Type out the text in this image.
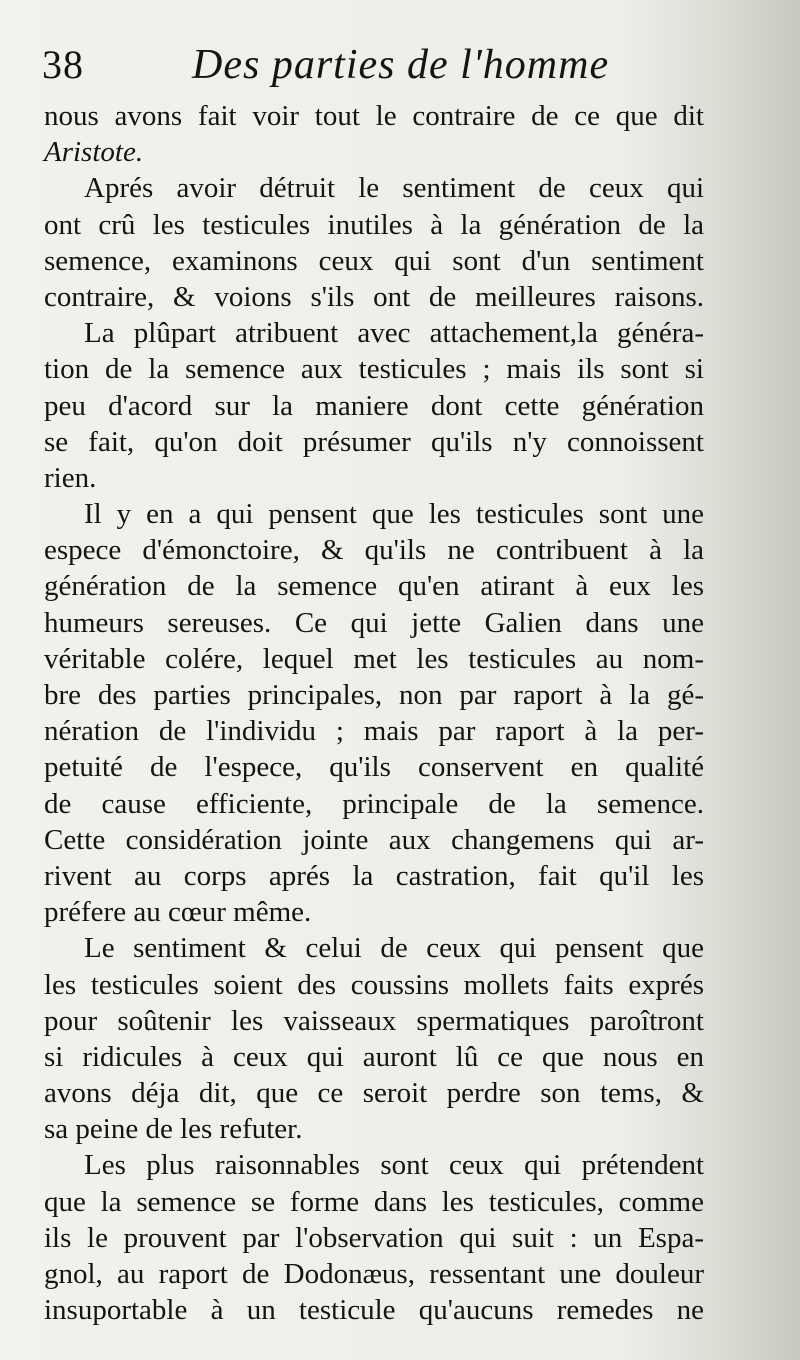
38	Des parties de l'homme
nous avons fait voir tout le contraire de ce que dit
Aristote.
Aprés avoir détruit le sentiment de ceux qui
ont crû les testicules inutiles à la génération de la
semence, examinons ceux qui sont d'un sentiment
contraire, & voions s'ils ont de meilleures raisons.
La plûpart atribuent avec attachement,la généra-
tion de la semence aux testicules ; mais ils sont si
peu d'acord sur la maniere dont cette génération
se fait, qu'on doit présumer qu'ils n'y connoissent
rien.
Il y en a qui pensent que les testicules sont une
espece d'émonctoire, & qu'ils ne contribuent à la
génération de la semence qu'en atirant à eux les
humeurs sereuses. Ce qui jette Galien dans une
véritable colére, lequel met les testicules au nom-
bre des parties principales, non par raport à la gé-
nération de l'individu ; mais par raport à la per-
petuité de l'espece, qu'ils conservent en qualité
de cause efficiente, principale de la semence.
Cette considération jointe aux changemens qui ar-
rivent au corps aprés la castration, fait qu'il les
préfere au cœur même.
Le sentiment & celui de ceux qui pensent que
les testicules soient des coussins mollets faits exprés
pour soûtenir les vaisseaux spermatiques paroîtront
si ridicules à ceux qui auront lû ce que nous en
avons déja dit, que ce seroit perdre son tems, &
sa peine de les refuter.
Les plus raisonnables sont ceux qui prétendent
que la semence se forme dans les testicules, comme
ils le prouvent par l'observation qui suit : un Espa-
gnol, au raport de Dodonæus, ressentant une douleur
insuportable à un testicule qu'aucuns remedes ne
